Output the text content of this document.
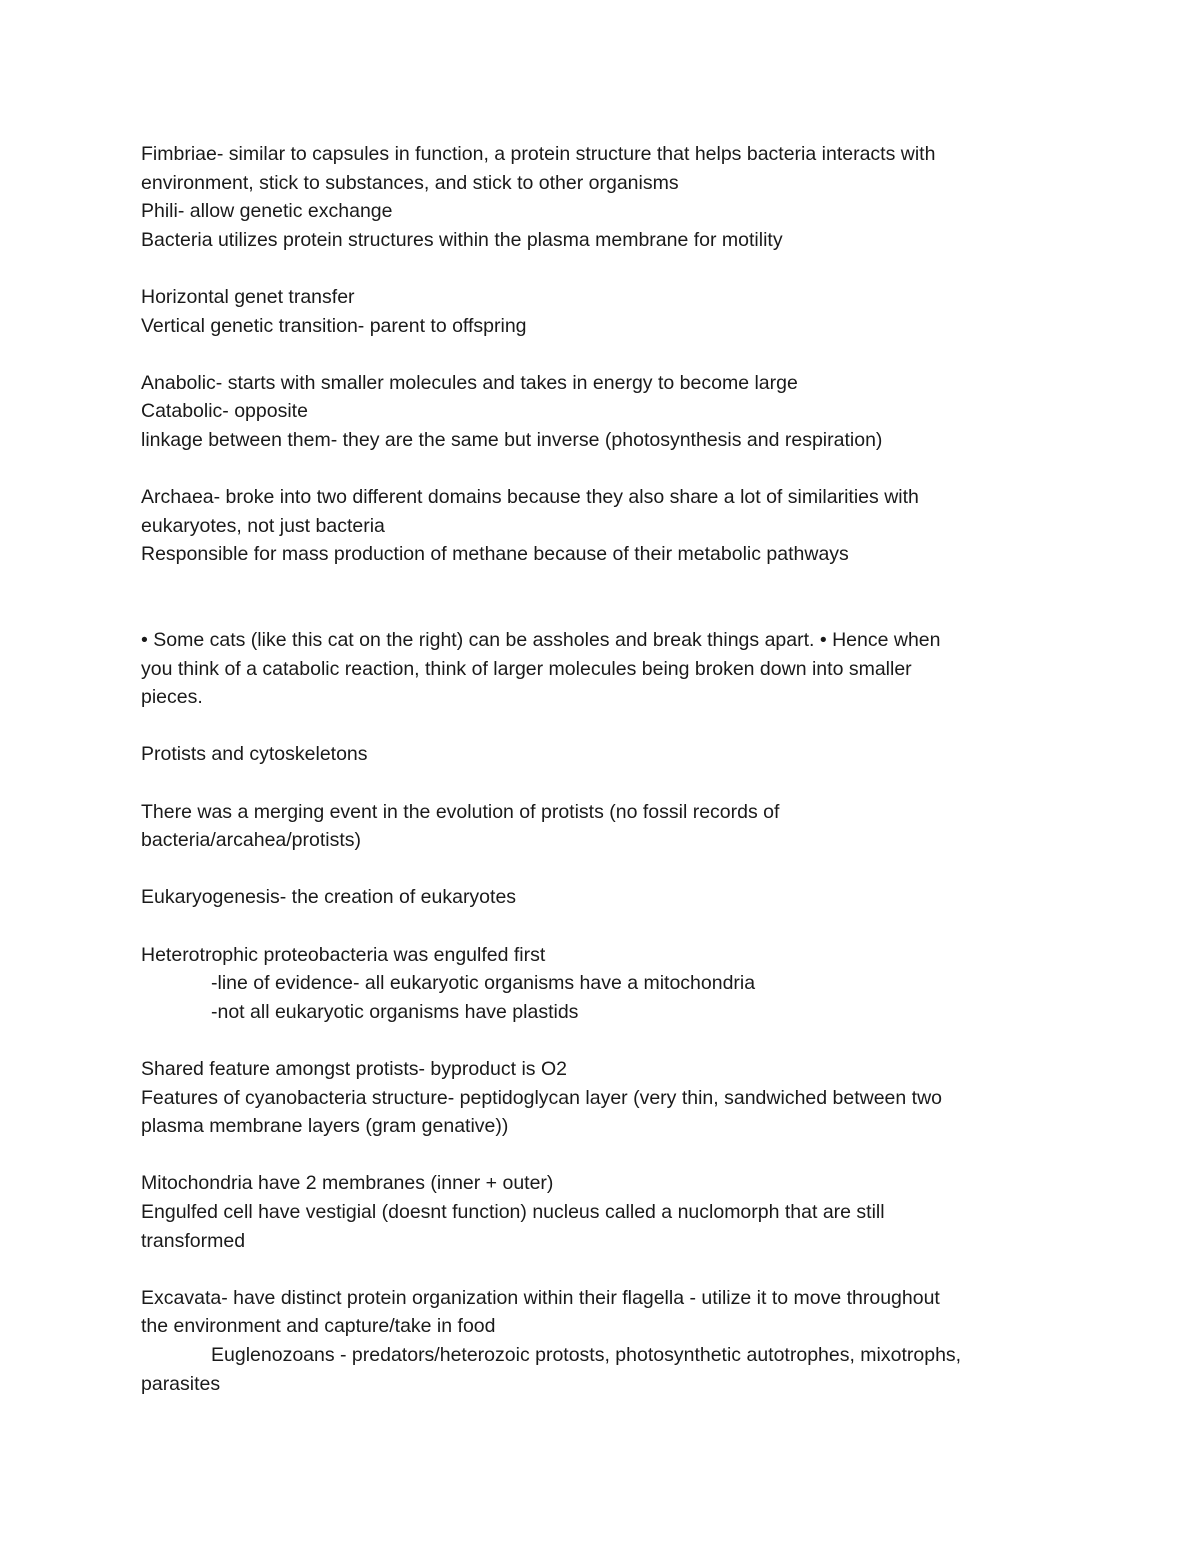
Fimbriae- similar to capsules in function, a protein structure that helps bacteria interacts with
environment, stick to substances, and stick to other organisms
Phili- allow genetic exchange
Bacteria utilizes protein structures within the plasma membrane for motility
Horizontal genet transfer
Vertical genetic transition- parent to offspring
Anabolic- starts with smaller molecules and takes in energy to become large
Catabolic- opposite
linkage between them- they are the same but inverse (photosynthesis and respiration)
Archaea- broke into two different domains because they also share a lot of similarities with
eukaryotes, not just bacteria
Responsible for mass production of methane because of their metabolic pathways
• Some cats (like this cat on the right) can be assholes and break things apart. • Hence when
you think of a catabolic reaction, think of larger molecules being broken down into smaller
pieces.
Protists and cytoskeletons
There was a merging event in the evolution of protists (no fossil records of
bacteria/arcahea/protists)
Eukaryogenesis- the creation of eukaryotes
Heterotrophic proteobacteria was engulfed first
-line of evidence- all eukaryotic organisms have a mitochondria
-not all eukaryotic organisms have plastids
Shared feature amongst protists- byproduct is O2
Features of cyanobacteria structure- peptidoglycan layer (very thin, sandwiched between two
plasma membrane layers (gram genative))
Mitochondria have 2 membranes (inner + outer)
Engulfed cell have vestigial (doesnt function) nucleus called a nuclomorph that are still
transformed
Excavata- have distinct protein organization within their flagella - utilize it to move throughout
the environment and capture/take in food
Euglenozoans - predators/heterozoic protosts, photosynthetic autotrophes, mixotrophs,
parasites
